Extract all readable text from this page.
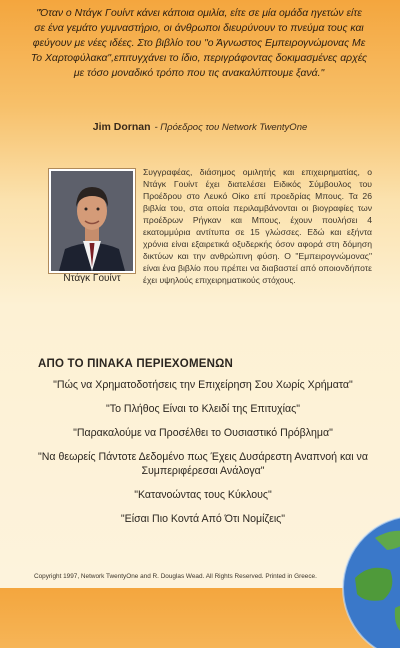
"Όταν ο Ντάγκ Γουίντ κάνει κάποια ομιλία, είτε σε μία ομάδα ηγετών είτε σε ένα γεμάτο γυμναστήριο, οι άνθρωποι διευρύνουν το πνεύμα τους και φεύγουν με νέες ιδέες. Στο βιβλίο του "ο Άγνωστος Εμπειρογνώμονας Με Το Χαρτοφύλακα",επιτυγχάνει το ίδιο, περιγράφοντας δοκιμασμένες αρχές με τόσο μοναδικό τρόπο που τις ανακαλύπτουμε ξανά."
Jim Dornan - Πρόεδρος του Network TwentyOne
Ντάγκ Γουίντ
Συγγραφέας, διάσημος ομιλητής και επιχειρηματίας, ο Ντάγκ Γουίντ έχει διατελέσει Ειδικός Σύμβουλος του Προέδρου στο Λευκό Οίκο επί προεδρίας Μπους. Τα 26 βιβλία του, στα οποία περιλαμβάνονται οι βιογραφίες των προέδρων Ρήγκαν και Μπους, έχουν πουλήσει 4 εκατομμύρια αντίτυπα σε 15 γλώσσες. Εδώ και εξήντα χρόνια είναι εξαιρετικά οξυδερκής όσον αφορά στη δόμηση δικτύων και την ανθρώπινη φύση. Ο "Εμπειρογνώμονας" είναι ένα βιβλίο που πρέπει να διαβαστεί από οποιονδήποτε έχει υψηλούς επιχειρηματικούς στόχους.
ΑΠΟ ΤΟ ΠΙΝΑΚΑ ΠΕΡΙΕΧΟΜΕΝΩΝ
"Πώς να Χρηματοδοτήσεις την Επιχείρηση Σου Χωρίς Χρήματα"
"Το Πλήθος Είναι το Κλειδί της Επιτυχίας"
"Παρακαλούμε να Προσέλθει το Ουσιαστικό Πρόβλημα"
"Να θεωρείς Πάντοτε Δεδομένο πως Έχεις Δυσάρεστη Αναπνοή και να Συμπεριφέρεσαι Ανάλογα"
"Κατανοώντας τους Κύκλους"
"Είσαι Πιο Κοντά Από Ότι Νομίζεις"
Copyright 1997, Network TwentyOne and R. Douglas Wead. All Rights Reserved. Printed in Greece.
